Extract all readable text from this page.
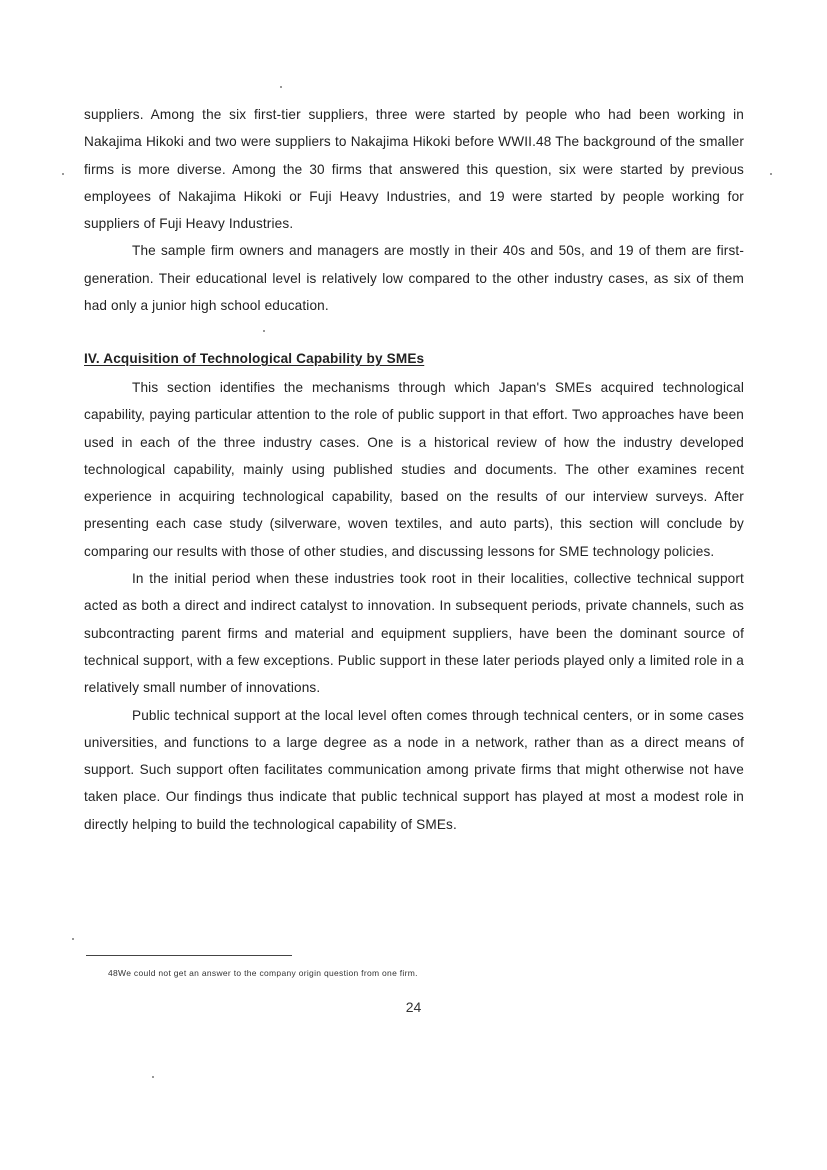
suppliers. Among the six first-tier suppliers, three were started by people who had been working in Nakajima Hikoki and two were suppliers to Nakajima Hikoki before WWII.48 The background of the smaller firms is more diverse. Among the 30 firms that answered this question, six were started by previous employees of Nakajima Hikoki or Fuji Heavy Industries, and 19 were started by people working for suppliers of Fuji Heavy Industries.

The sample firm owners and managers are mostly in their 40s and 50s, and 19 of them are first-generation. Their educational level is relatively low compared to the other industry cases, as six of them had only a junior high school education.

IV. Acquisition of Technological Capability by SMEs

This section identifies the mechanisms through which Japan's SMEs acquired technological capability, paying particular attention to the role of public support in that effort. Two approaches have been used in each of the three industry cases. One is a historical review of how the industry developed technological capability, mainly using published studies and documents. The other examines recent experience in acquiring technological capability, based on the results of our interview surveys. After presenting each case study (silverware, woven textiles, and auto parts), this section will conclude by comparing our results with those of other studies, and discussing lessons for SME technology policies.

In the initial period when these industries took root in their localities, collective technical support acted as both a direct and indirect catalyst to innovation. In subsequent periods, private channels, such as subcontracting parent firms and material and equipment suppliers, have been the dominant source of technical support, with a few exceptions. Public support in these later periods played only a limited role in a relatively small number of innovations.

Public technical support at the local level often comes through technical centers, or in some cases universities, and functions to a large degree as a node in a network, rather than as a direct means of support. Such support often facilitates communication among private firms that might otherwise not have taken place. Our findings thus indicate that public technical support has played at most a modest role in directly helping to build the technological capability of SMEs.

48We could not get an answer to the company origin question from one firm.
24
